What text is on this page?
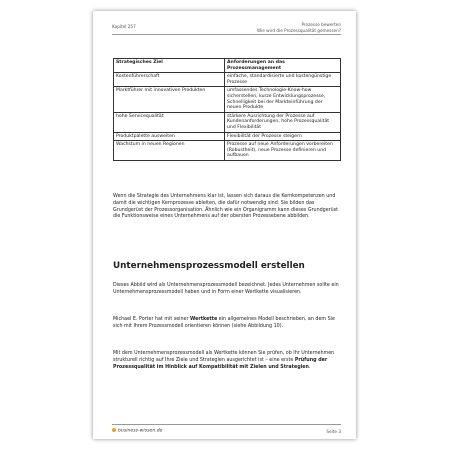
Kapitel 257	Prozesse bewerten
Wie wird die Prozessqualität gemessen?
Strategisches Ziel	Anforderungen an das Prozessmanagement
Kostenführerschaft	einfache, standardisierte und kostengünstige Prozesse
Marktführer mit innovativen Produkten	umfassendes Technologie-Know-how sicherstellen, kurze Entwicklungsprozesse, Schnelligkeit bei der Markteinführung der neuen Produkte
hohe Servicequalität	stärkere Ausrichtung der Prozesse auf Kundenanforderungen, hohe Prozessqualität und Flexibilität
Produktpalette ausweiten	Flexibilität der Prozesse steigern
Wachstum in neuen Regionen	Prozesse auf neue Anforderungen vorbereiten (Robustheit), neue Prozesse definieren und aufbauen

Wenn die Strategie des Unternehmens klar ist, lassen sich daraus die Kernkompetenzen und damit die wichtigen Kernprozesse ableiten, die dafür notwendig sind. Sie bilden das Grundgerüst der Prozessorganisation. Ähnlich wie ein Organigramm kann dieses Grundgerüst die Funktionsweise eines Unternehmens auf der obersten Prozessebene abbilden.

Unternehmensprozessmodell erstellen

Dieses Abbild wird als Unternehmensprozessmodell bezeichnet. Jedes Unternehmen sollte ein Unternehmensprozessmodell haben und in Form einer Wertkette visualisieren.

Michael E. Porter hat mit seiner Wertkette ein allgemeines Modell beschrieben, an dem Sie sich mit Ihrem Prozessmodell orientieren können (siehe Abbildung 10).

Mit dem Unternehmensprozessmodell als Wertkette können Sie prüfen, ob Ihr Unternehmen strukturell richtig auf Ihre Ziele und Strategien ausgerichtet ist – eine erste Prüfung der Prozessqualität im Hinblick auf Kompatibilität mit Zielen und Strategien.

business-wissen.de	Seite 3
